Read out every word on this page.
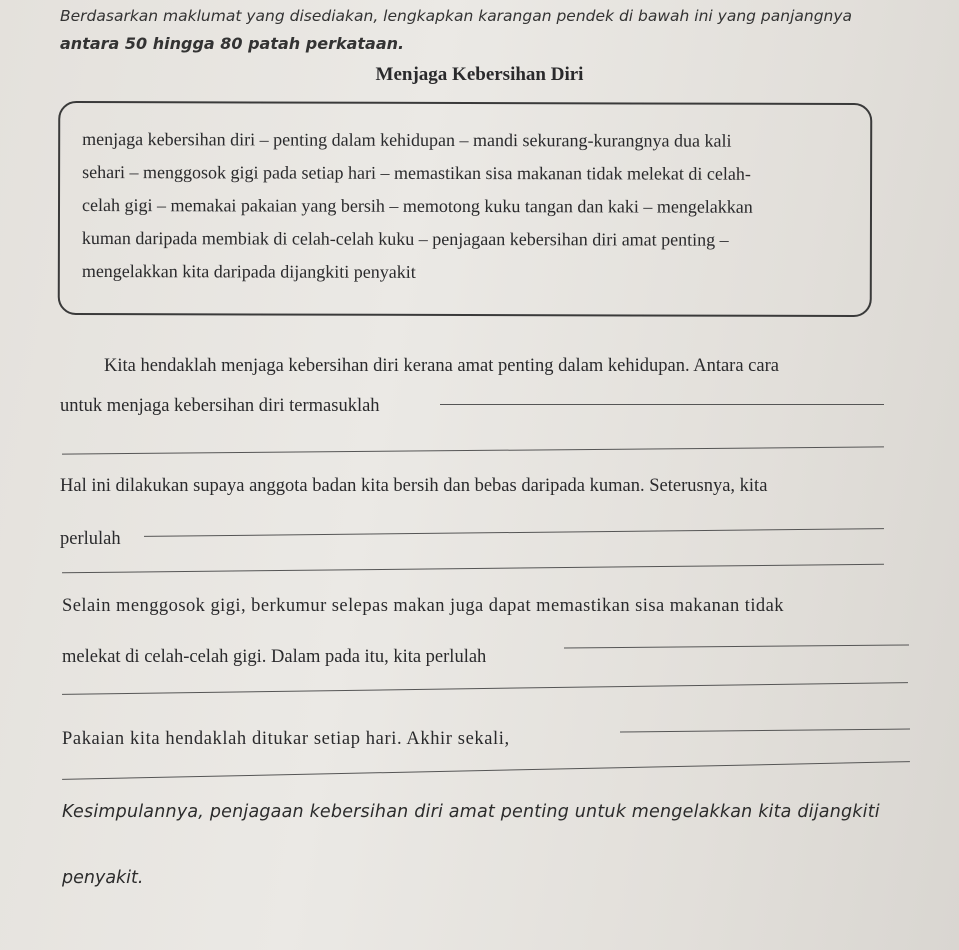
Berdasarkan maklumat yang disediakan, lengkapkan karangan pendek di bawah ini yang panjangnya
antara 50 hingga 80 patah perkataan.
Menjaga Kebersihan Diri
menjaga kebersihan diri – penting dalam kehidupan – mandi sekurang-kurangnya dua kali
sehari – menggosok gigi pada setiap hari – memastikan sisa makanan tidak melekat di celah-
celah gigi – memakai pakaian yang bersih – memotong kuku tangan dan kaki – mengelakkan
kuman daripada membiak di celah-celah kuku – penjagaan kebersihan diri amat penting –
mengelakkan kita daripada dijangkiti penyakit
Kita hendaklah menjaga kebersihan diri kerana amat penting dalam kehidupan. Antara cara
untuk menjaga kebersihan diri termasuklah
Hal ini dilakukan supaya anggota badan kita bersih dan bebas daripada kuman. Seterusnya, kita
perlulah
Selain menggosok gigi, berkumur selepas makan juga dapat memastikan sisa makanan tidak
melekat di celah-celah gigi. Dalam pada itu, kita perlulah
Pakaian kita hendaklah ditukar setiap hari. Akhir sekali,
Kesimpulannya, penjagaan kebersihan diri amat penting untuk mengelakkan kita dijangkiti
penyakit.
